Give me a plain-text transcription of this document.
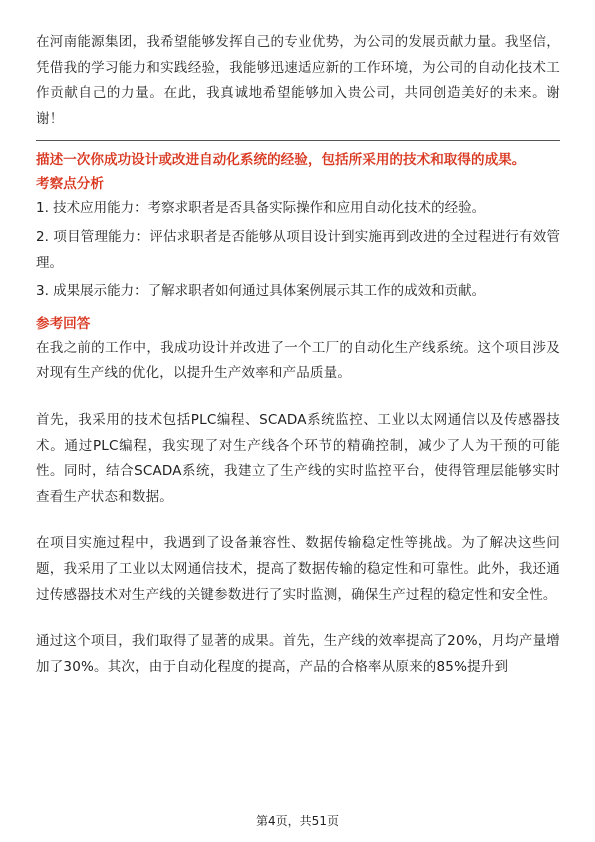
在河南能源集团，我希望能够发挥自己的专业优势，为公司的发展贡献力量。我坚信，凭借我的学习能力和实践经验，我能够迅速适应新的工作环境，为公司的自动化技术工作贡献自己的力量。在此，我真诚地希望能够加入贵公司，共同创造美好的未来。谢谢！

描述一次你成功设计或改进自动化系统的经验，包括所采用的技术和取得的成果。

考察点分析

1. 技术应用能力：考察求职者是否具备实际操作和应用自动化技术的经验。
2. 项目管理能力：评估求职者是否能够从项目设计到实施再到改进的全过程进行有效管理。
3. 成果展示能力：了解求职者如何通过具体案例展示其工作的成效和贡献。

参考回答

在我之前的工作中，我成功设计并改进了一个工厂的自动化生产线系统。这个项目涉及对现有生产线的优化，以提升生产效率和产品质量。

首先，我采用的技术包括PLC编程、SCADA系统监控、工业以太网通信以及传感器技术。通过PLC编程，我实现了对生产线各个环节的精确控制，减少了人为干预的可能性。同时，结合SCADA系统，我建立了生产线的实时监控平台，使得管理层能够实时查看生产状态和数据。

在项目实施过程中，我遇到了设备兼容性、数据传输稳定性等挑战。为了解决这些问题，我采用了工业以太网通信技术，提高了数据传输的稳定性和可靠性。此外，我还通过传感器技术对生产线的关键参数进行了实时监测，确保生产过程的稳定性和安全性。

通过这个项目，我们取得了显著的成果。首先，生产线的效率提高了20%，月均产量增加了30%。其次，由于自动化程度的提高，产品的合格率从原来的85%提升到

第4页，共51页
